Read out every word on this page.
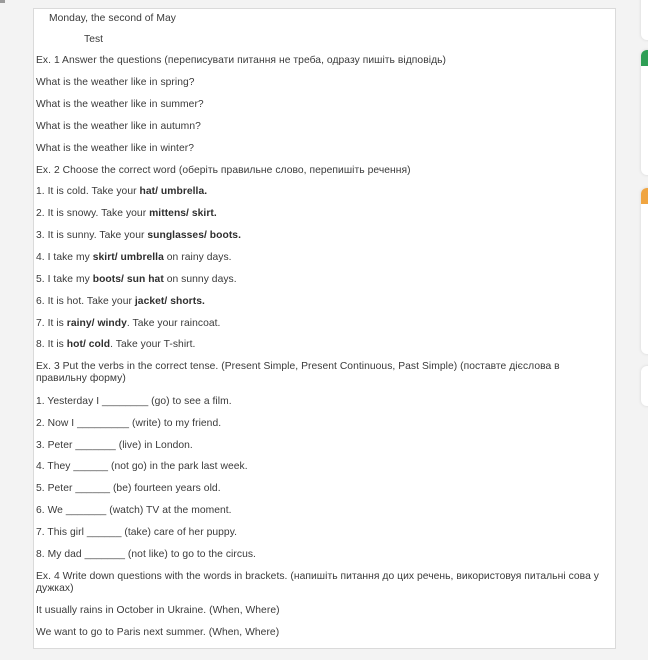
Monday, the second of May
Test
Ex. 1 Answer the questions (переписувати питання не треба, одразу пишіть відповідь)
What is the weather like in spring?
What is the weather like in summer?
What is the weather like in autumn?
What is the weather like in winter?
Ex. 2 Choose the correct word (оберіть правильне слово, перепишіть речення)
1. It is cold. Take your hat/ umbrella.
2. It is snowy. Take your mittens/ skirt.
3. It is sunny. Take your sunglasses/ boots.
4. I take my skirt/ umbrella on rainy days.
5. I take my boots/ sun hat on sunny days.
6. It is hot. Take your jacket/ shorts.
7. It is rainy/ windy. Take your raincoat.
8. It is hot/ cold. Take your T-shirt.
Ex. 3 Put the verbs in the correct tense. (Present Simple, Present Continuous, Past Simple) (поставте дієслова в правильну форму)
1. Yesterday I ________ (go) to see a film.
2. Now I _________ (write) to my friend.
3. Peter _______ (live) in London.
4. They ______ (not go) in the park last week.
5. Peter ______ (be) fourteen years old.
6. We _______ (watch) TV at the moment.
7. This girl ______ (take) care of her puppy.
8. My dad _______ (not like) to go to the circus.
Ex. 4 Write down questions with the words in brackets. (напишіть питання до цих речень, використовуя питальні сова у дужках)
It usually rains in October in Ukraine. (When, Where)
We want to go to Paris next summer. (When, Where)
